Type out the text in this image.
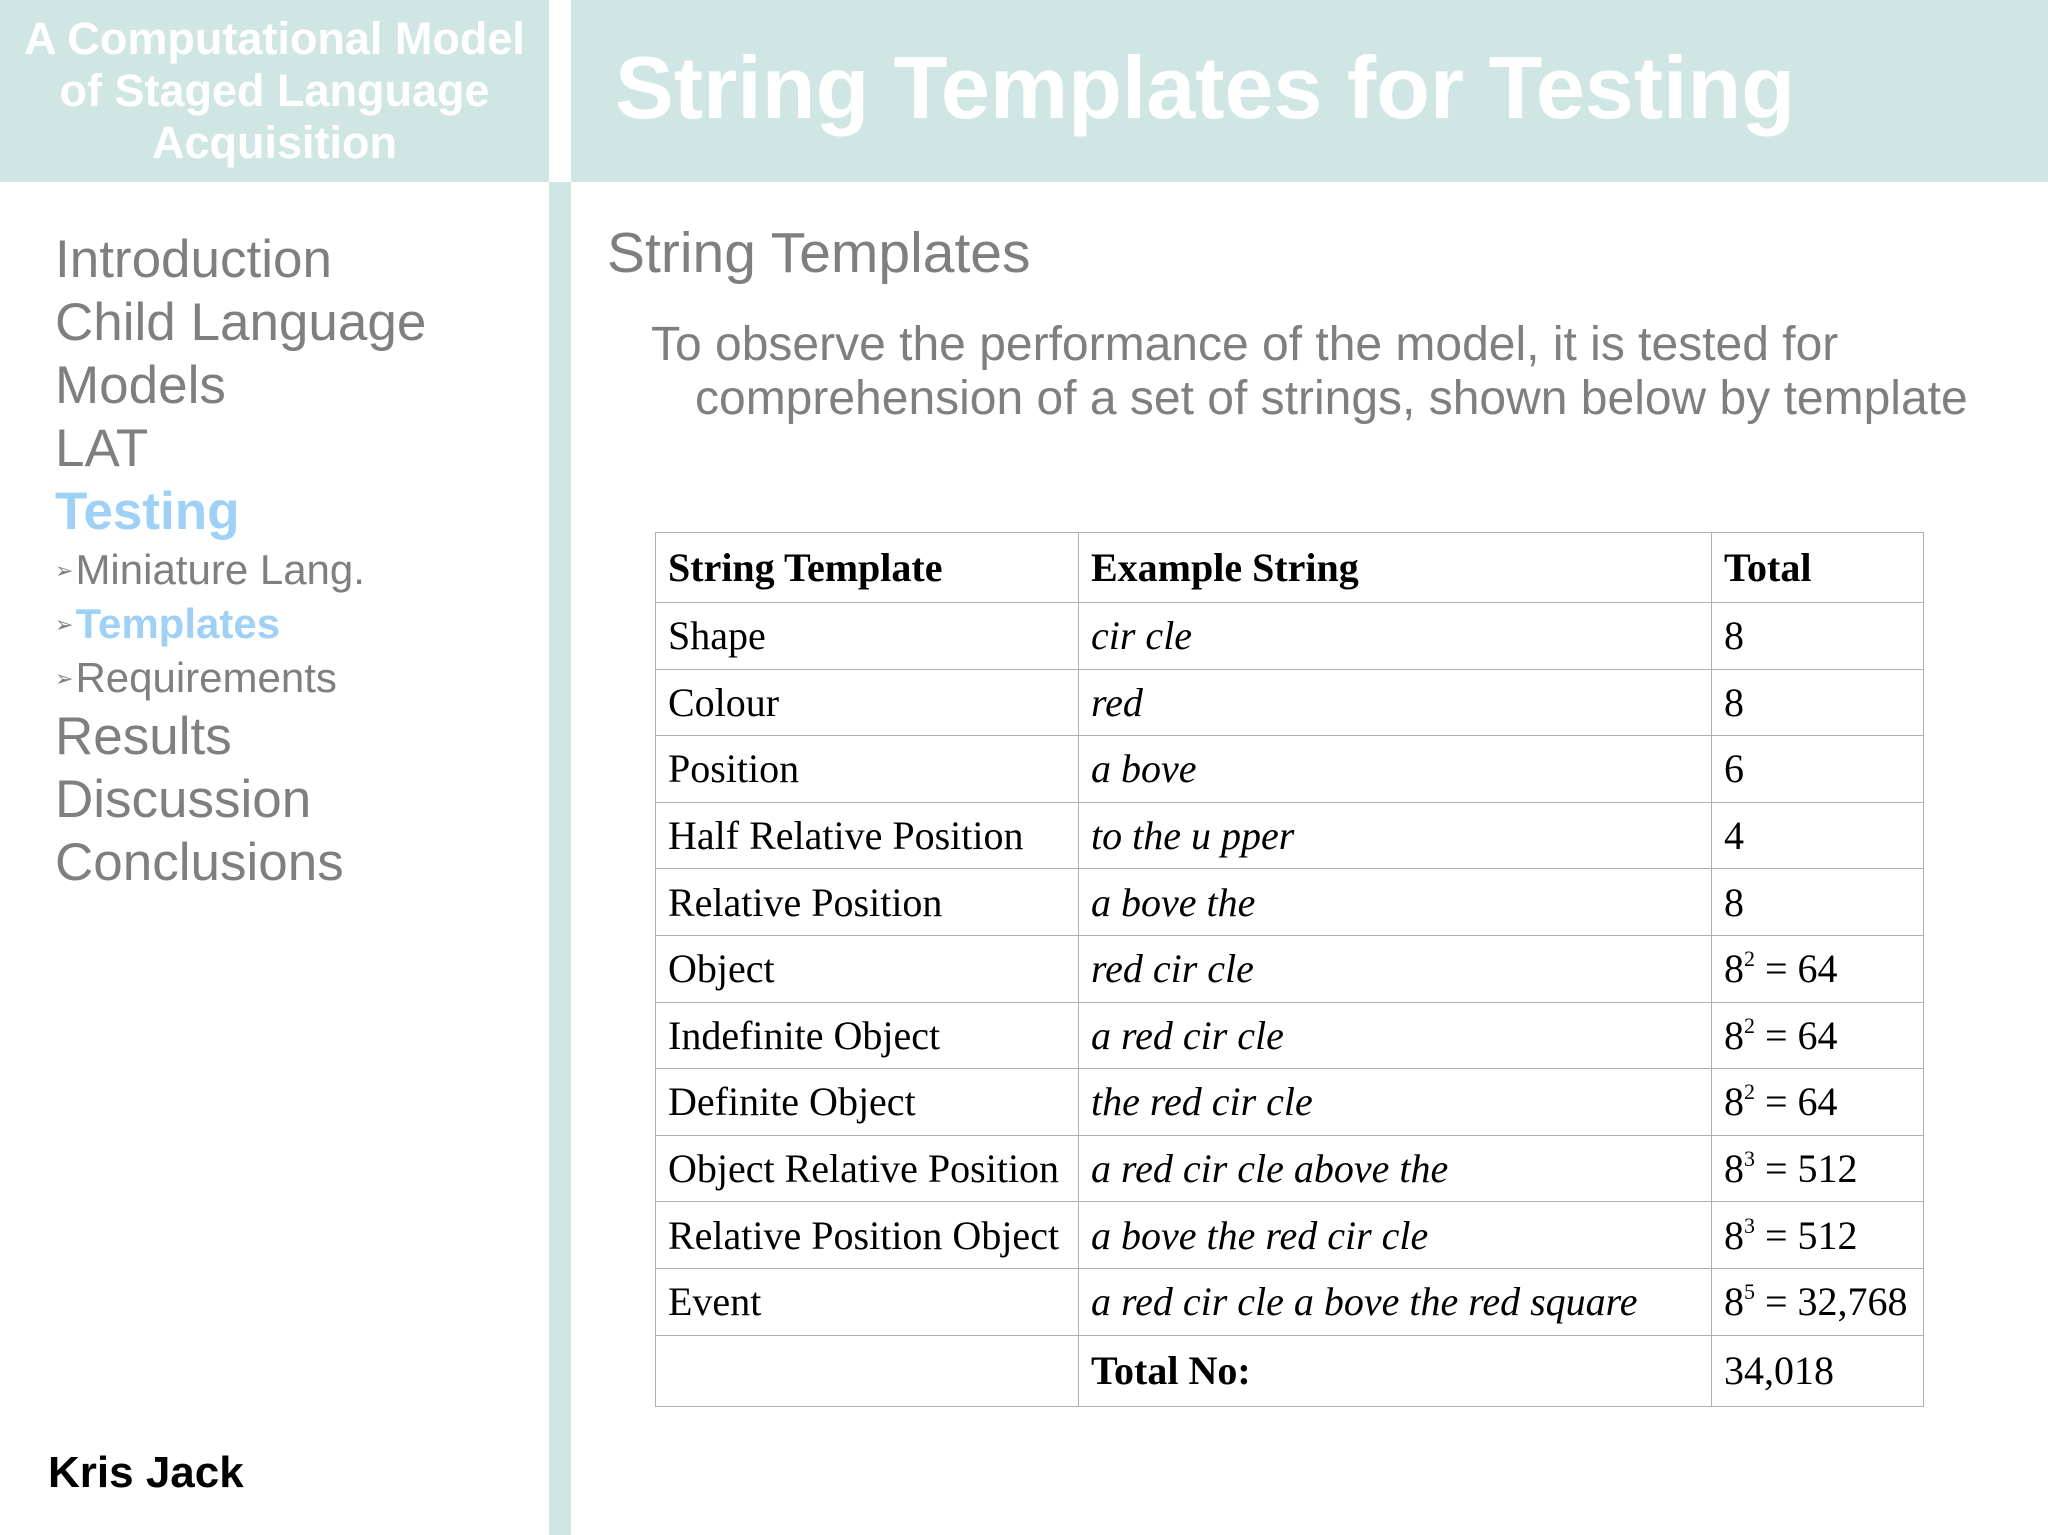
A Computational Model of Staged Language Acquisition
String Templates for Testing
Introduction
Child Language
Models
LAT
Testing
➢Miniature Lang.
➢Templates
➢Requirements
Results
Discussion
Conclusions
Kris Jack
String Templates
To observe the performance of the model, it is tested for comprehension of a set of strings, shown below by template
String Template	Example String	Total
Shape	cir cle	8
Colour	red	8
Position	a bove	6
Half Relative Position	to the u pper	4
Relative Position	a bove the	8
Object	red cir cle	$8^2 = 64$
Indefinite Object	a red cir cle	$8^2 = 64$
Definite Object	the red cir cle	$8^2 = 64$
Object Relative Position	a red cir cle above the	$8^3 = 512$
Relative Position Object	a bove the red cir cle	$8^3 = 512$
Event	a red cir cle a bove the red square	$8^5 = 32,768$
	Total No:	34,018
